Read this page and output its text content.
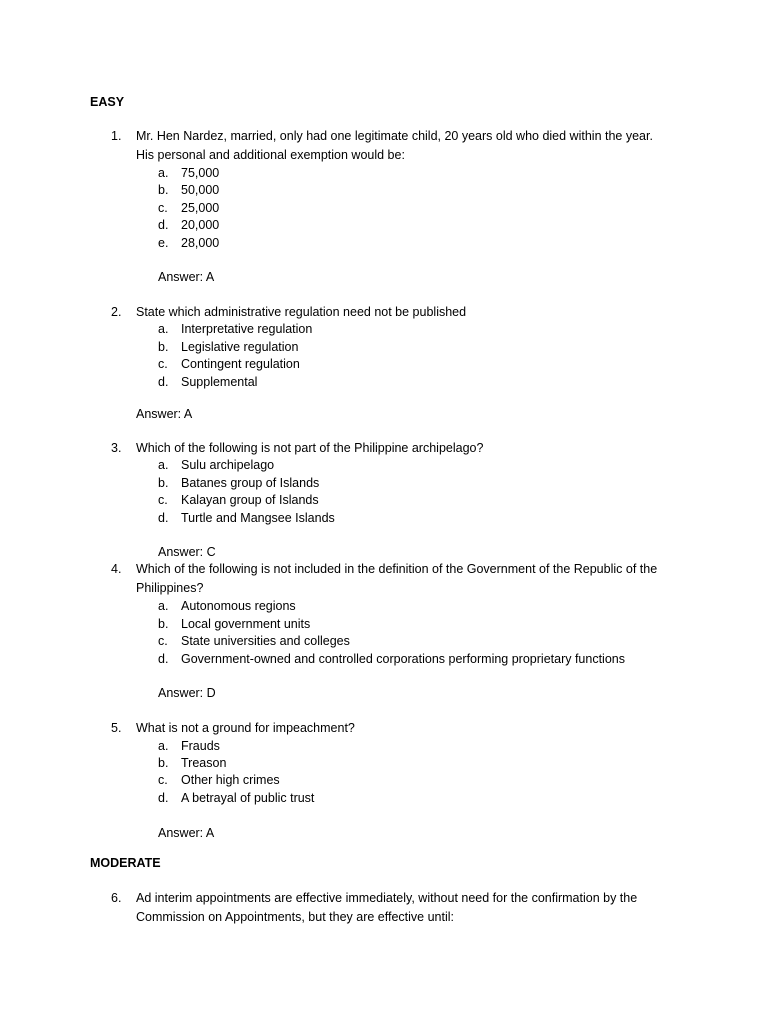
EASY
1. Mr. Hen Nardez, married, only had one legitimate child, 20 years old who died within the year.
His personal and additional exemption would be:
a. 75,000
b. 50,000
c. 25,000
d. 20,000
e. 28,000
Answer: A
2. State which administrative regulation need not be published
a. Interpretative regulation
b. Legislative regulation
c. Contingent regulation
d. Supplemental
Answer: A
3. Which of the following is not part of the Philippine archipelago?
a. Sulu archipelago
b. Batanes group of Islands
c. Kalayan group of Islands
d. Turtle and Mangsee Islands
Answer: C
4. Which of the following is not included in the definition of the Government of the Republic of the
Philippines?
a. Autonomous regions
b. Local government units
c. State universities and colleges
d. Government-owned and controlled corporations performing proprietary functions
Answer: D
5. What is not a ground for impeachment?
a. Frauds
b. Treason
c. Other high crimes
d. A betrayal of public trust
Answer: A
MODERATE
6. Ad interim appointments are effective immediately, without need for the confirmation by the
Commission on Appointments, but they are effective until:
